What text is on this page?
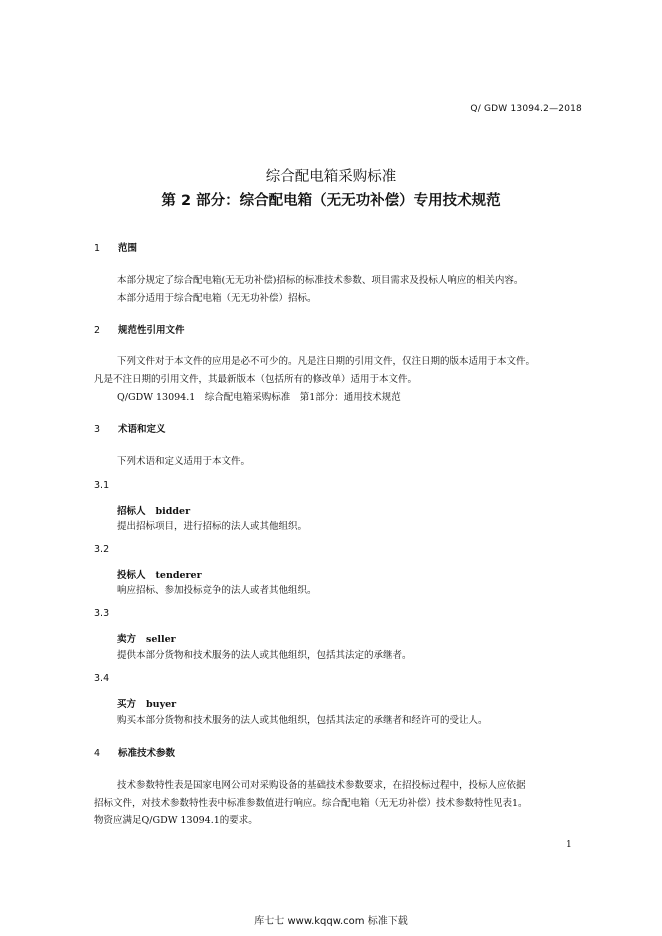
Q/ GDW 13094.2—2018
综合配电箱采购标准
第 2 部分：综合配电箱（无无功补偿）专用技术规范
1 范围
本部分规定了综合配电箱(无无功补偿)招标的标准技术参数、项目需求及投标人响应的相关内容。
本部分适用于综合配电箱（无无功补偿）招标。
2 规范性引用文件
下列文件对于本文件的应用是必不可少的。凡是注日期的引用文件，仅注日期的版本适用于本文件。
凡是不注日期的引用文件，其最新版本（包括所有的修改单）适用于本文件。
Q/GDW 13094.1　综合配电箱采购标准　第1部分：通用技术规范
3 术语和定义
下列术语和定义适用于本文件。
3.1
招标人 bidder
提出招标项目，进行招标的法人或其他组织。
3.2
投标人 tenderer
响应招标、参加投标竞争的法人或者其他组织。
3.3
卖方 seller
提供本部分货物和技术服务的法人或其他组织，包括其法定的承继者。
3.4
买方 buyer
购买本部分货物和技术服务的法人或其他组织，包括其法定的承继者和经许可的受让人。
4 标准技术参数
技术参数特性表是国家电网公司对采购设备的基础技术参数要求，在招投标过程中，投标人应依据
招标文件，对技术参数特性表中标准参数值进行响应。综合配电箱（无无功补偿）技术参数特性见表1。
物资应满足Q/GDW 13094.1的要求。
1
库七七 www.kqqw.com 标准下载
